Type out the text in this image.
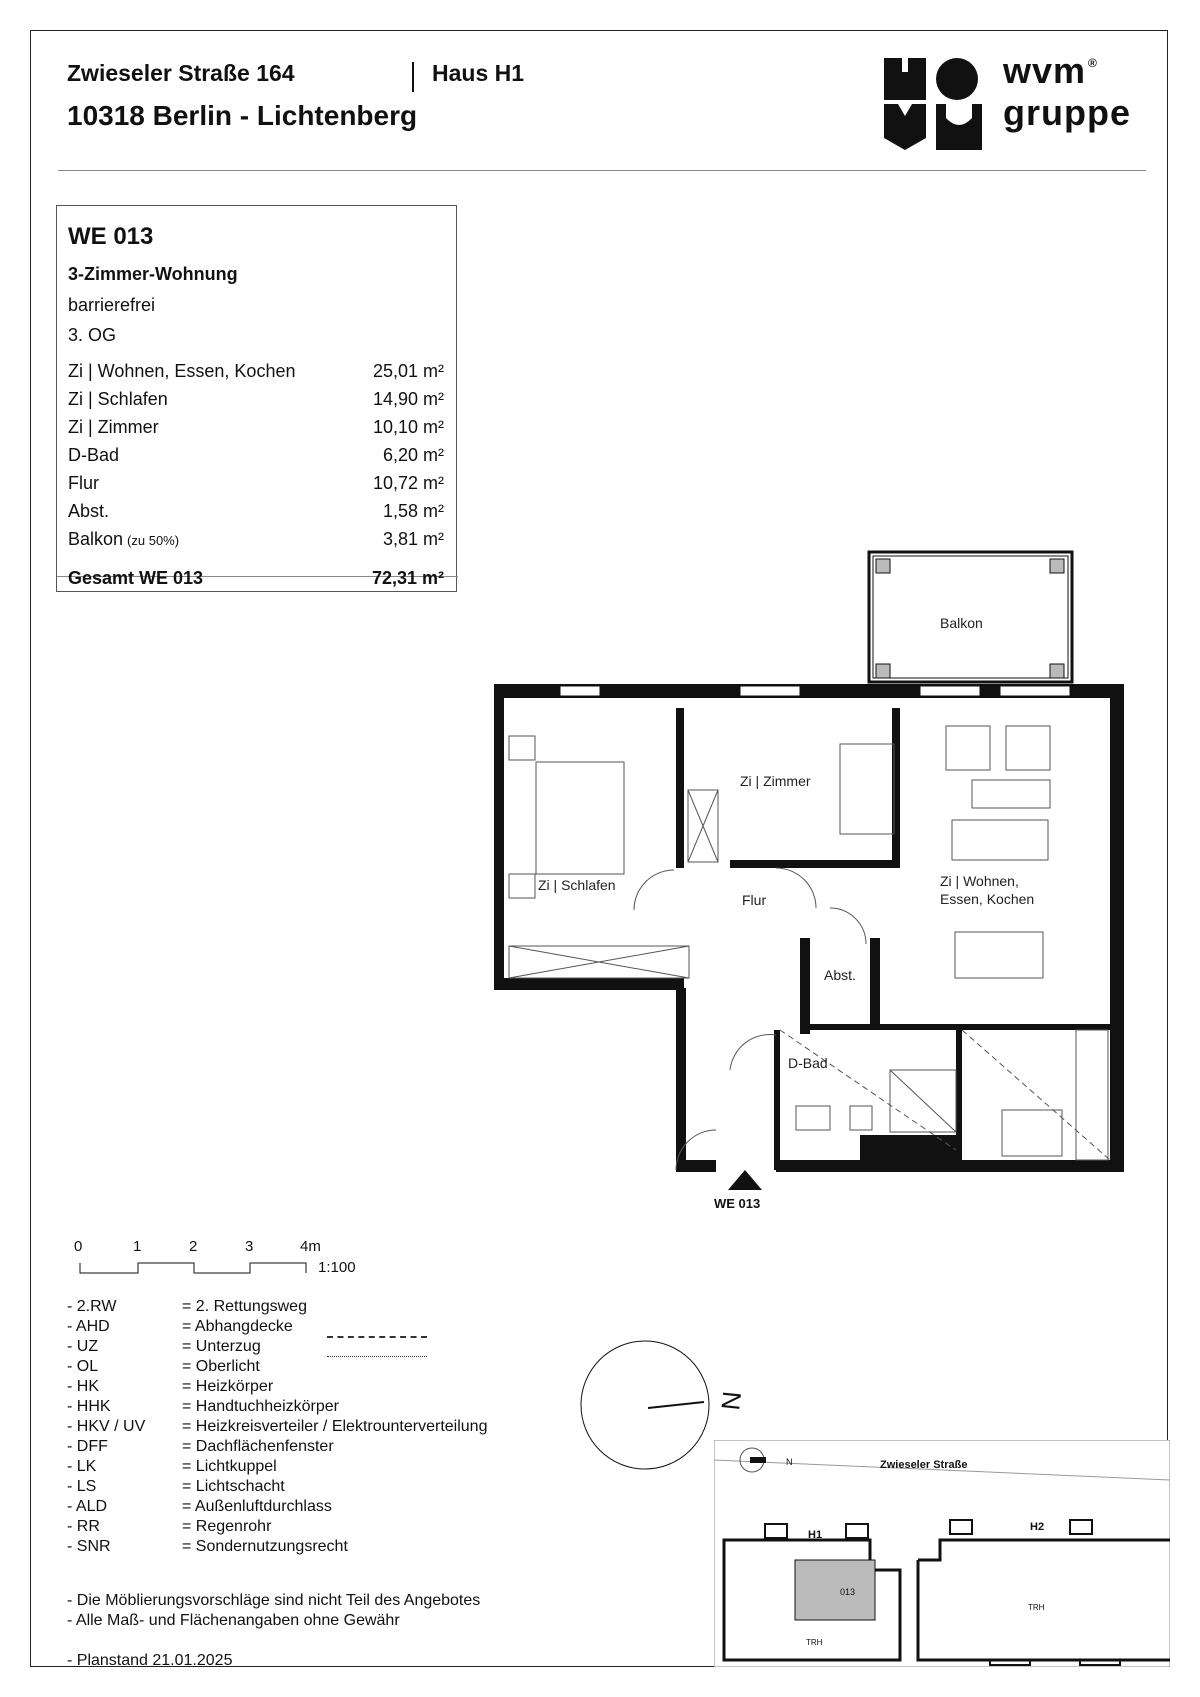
Zwieseler Straße 164	Haus H1
10318 Berlin - Lichtenberg
wvm ®
gruppe
WE 013
3-Zimmer-Wohnung
barrierefrei
3. OG
Zi | Wohnen, Essen, Kochen	25,01 m²
Zi | Schlafen	14,90 m²
Zi | Zimmer	10,10 m²
D-Bad	6,20 m²
Flur	10,72 m²
Abst.	1,58 m²
Balkon (zu 50%)	3,81 m²
Gesamt WE 013	72,31 m²
Balkon
Zi | Zimmer
Zi | Schlafen
Flur
Zi | Wohnen,
Essen, Kochen
Abst.
D-Bad
WE 013
0	1	2	3	4m
1:100
- 2.RW	= 2. Rettungsweg
- AHD	= Abhangdecke
- UZ	= Unterzug
- OL	= Oberlicht
- HK	= Heizkörper
- HHK	= Handtuchheizkörper
- HKV / UV = Heizkreisverteiler / Elektrounterverteilung
- DFF	= Dachflächenfenster
- LK	= Lichtkuppel
- LS	= Lichtschacht
- ALD	= Außenluftdurchlass
- RR	= Regenrohr
- SNR	= Sondernutzungsrecht
- Die Möblierungsvorschläge sind nicht Teil des Angebotes
- Alle Maß- und Flächenangaben ohne Gewähr
- Planstand 21.01.2025
N
Zwieseler Straße
N
013
H1
H2
TRH
TRH
